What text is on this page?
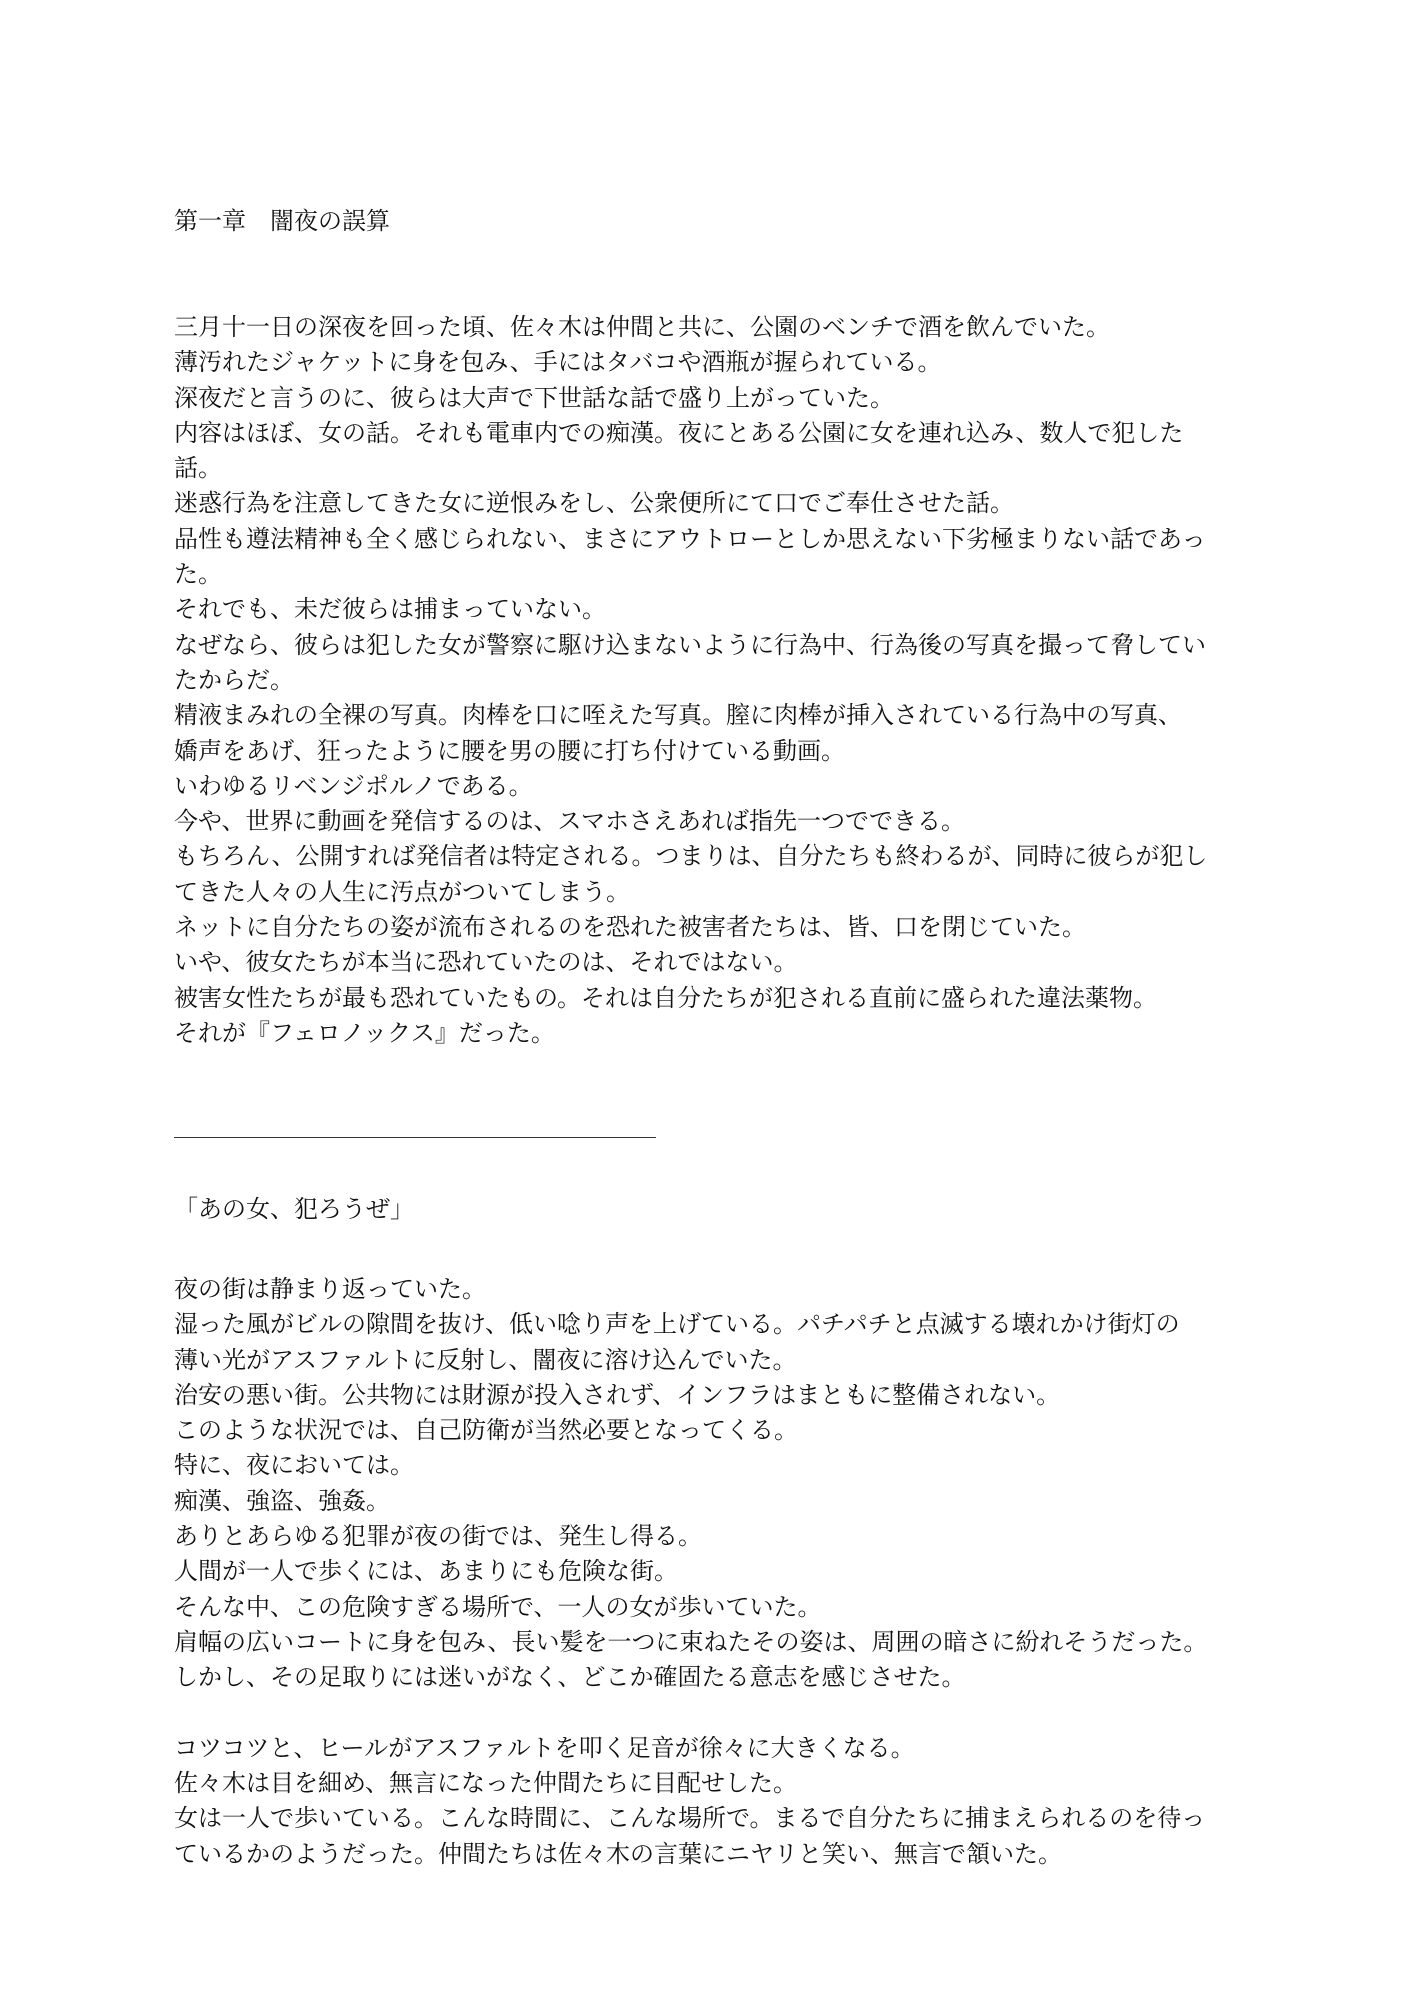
第一章　闇夜の誤算
三月十一日の深夜を回った頃、佐々木は仲間と共に、公園のベンチで酒を飲んでいた。
薄汚れたジャケットに身を包み、手にはタバコや酒瓶が握られている。
深夜だと言うのに、彼らは大声で下世話な話で盛り上がっていた。
内容はほぼ、女の話。それも電車内での痴漢。夜にとある公園に女を連れ込み、数人で犯した
話。
迷惑行為を注意してきた女に逆恨みをし、公衆便所にて口でご奉仕させた話。
品性も遵法精神も全く感じられない、まさにアウトローとしか思えない下劣極まりない話であっ
た。
それでも、未だ彼らは捕まっていない。
なぜなら、彼らは犯した女が警察に駆け込まないように行為中、行為後の写真を撮って脅してい
たからだ。
精液まみれの全裸の写真。肉棒を口に咥えた写真。膣に肉棒が挿入されている行為中の写真、
嬌声をあげ、狂ったように腰を男の腰に打ち付けている動画。
いわゆるリベンジポルノである。
今や、世界に動画を発信するのは、スマホさえあれば指先一つでできる。
もちろん、公開すれば発信者は特定される。つまりは、自分たちも終わるが、同時に彼らが犯し
てきた人々の人生に汚点がついてしまう。
ネットに自分たちの姿が流布されるのを恐れた被害者たちは、皆、口を閉じていた。
いや、彼女たちが本当に恐れていたのは、それではない。
被害女性たちが最も恐れていたもの。それは自分たちが犯される直前に盛られた違法薬物。
それが『フェロノックス』だった。
「あの女、犯ろうぜ」
夜の街は静まり返っていた。
湿った風がビルの隙間を抜け、低い唸り声を上げている。パチパチと点滅する壊れかけ街灯の
薄い光がアスファルトに反射し、闇夜に溶け込んでいた。
治安の悪い街。公共物には財源が投入されず、インフラはまともに整備されない。
このような状況では、自己防衛が当然必要となってくる。
特に、夜においては。
痴漢、強盗、強姦。
ありとあらゆる犯罪が夜の街では、発生し得る。
人間が一人で歩くには、あまりにも危険な街。
そんな中、この危険すぎる場所で、一人の女が歩いていた。
肩幅の広いコートに身を包み、長い髪を一つに束ねたその姿は、周囲の暗さに紛れそうだった。
しかし、その足取りには迷いがなく、どこか確固たる意志を感じさせた。
コツコツと、ヒールがアスファルトを叩く足音が徐々に大きくなる。
佐々木は目を細め、無言になった仲間たちに目配せした。
女は一人で歩いている。こんな時間に、こんな場所で。まるで自分たちに捕まえられるのを待っ
ているかのようだった。仲間たちは佐々木の言葉にニヤリと笑い、無言で頷いた。
